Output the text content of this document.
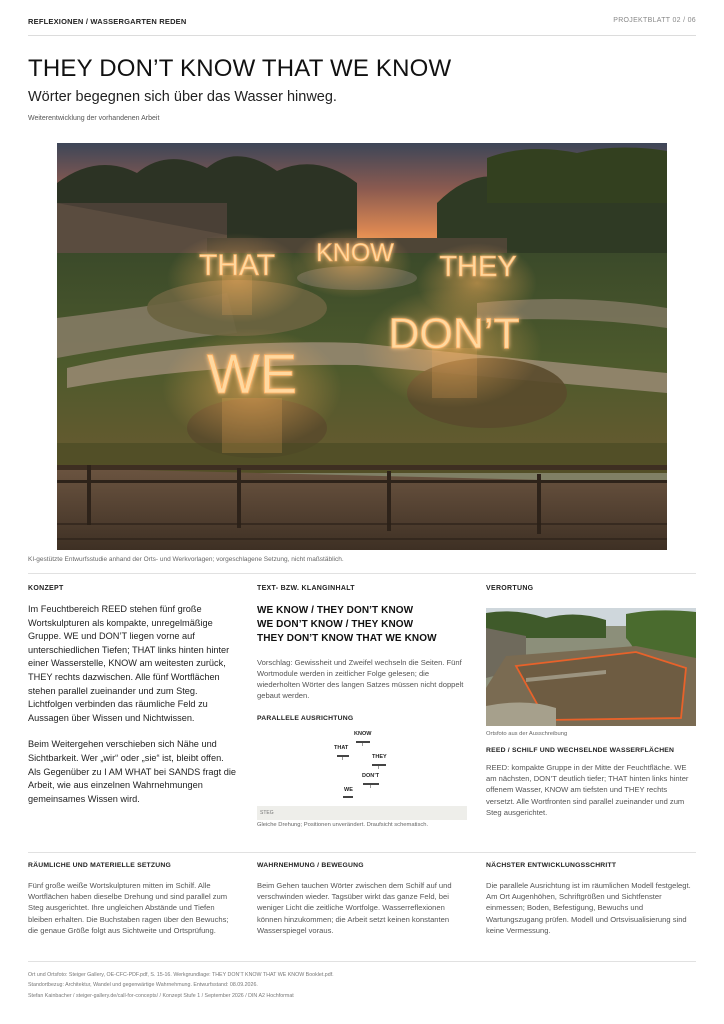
REFLEXIONEN / WASSERGARTEN REDEN	PROJEKTBLATT 02 / 06
THEY DON’T KNOW THAT WE KNOW
Wörter begegnen sich über das Wasser hinweg.
Weiterentwicklung der vorhandenen Arbeit
THAT KNOW THEY
DON’T
WE
KI-gestützte Entwurfsstudie anhand der Orts- und Werkvorlagen; vorgeschlagene Setzung, nicht maßstäblich.
KONZEPT

Im Feuchtbereich REED stehen fünf große Wortskulpturen als kompakte, unregelmäßige Gruppe. WE und DON’T liegen vorne auf unterschiedlichen Tiefen; THAT links hinten hinter einer Wasserstelle, KNOW am weitesten zurück, THEY rechts dazwischen. Alle fünf Wortflächen stehen parallel zueinander und zum Steg. Lichtfolgen verbinden das räumliche Feld zu Aussagen über Wissen und Nichtwissen.

Beim Weitergehen verschieben sich Nähe und Sichtbarkeit. Wer „wir“ oder „sie“ ist, bleibt offen. Als Gegenüber zu I AM WHAT bei SANDS fragt die Arbeit, wie aus einzelnen Wahrnehmungen gemeinsames Wissen wird.

TEXT- BZW. KLANGINHALT
WE KNOW / THEY DON’T KNOW
WE DON’T KNOW / THEY KNOW
THEY DON’T KNOW THAT WE KNOW
Vorschlag: Gewissheit und Zweifel wechseln die Seiten. Fünf Wortmodule werden in zeitlicher Folge gelesen; die wiederholten Wörter des langen Satzes müssen nicht doppelt gebaut werden.
PARALLELE AUSRICHTUNG
KNOW
THAT
THEY
DON’T
WE
STEG
Gleiche Drehung; Positionen unverändert. Draufsicht schematisch.
VERORTUNG
Ortsfoto aus der Ausschreibung
REED / SCHILF UND WECHSELNDE WASSERFLÄCHEN
REED: kompakte Gruppe in der Mitte der Feuchtfläche. WE am nächsten, DON’T deutlich tiefer; THAT hinten links hinter offenem Wasser, KNOW am tiefsten und THEY rechts versetzt. Alle Wortfronten sind parallel zueinander und zum Steg ausgerichtet.
RÄUMLICHE UND MATERIELLE SETZUNG
Fünf große weiße Wortskulpturen mitten im Schilf. Alle Wortflächen haben dieselbe Drehung und sind parallel zum Steg ausgerichtet. Ihre ungleichen Abstände und Tiefen bleiben erhalten. Die Buchstaben ragen über den Bewuchs; die genaue Größe folgt aus Sichtweite und Ortsprüfung.
WAHRNEHMUNG / BEWEGUNG
Beim Gehen tauchen Wörter zwischen dem Schilf auf und verschwinden wieder. Tagsüber wirkt das ganze Feld, bei weniger Licht die zeitliche Wortfolge. Wasserreflexionen können hinzukommen; die Arbeit setzt keinen konstanten Wasserspiegel voraus.
NÄCHSTER ENTWICKLUNGSSCHRITT
Die parallele Ausrichtung ist im räumlichen Modell festgelegt. Am Ort Augenhöhen, Schriftgrößen und Sichtfenster einmessen; Boden, Befestigung, Bewuchs und Wartungszugang prüfen. Modell und Ortsvisualisierung sind keine Vermessung.
Ort und Ortsfoto: Steiger Gallery, OE-CFC-PDF.pdf, S. 15-16. Werkgrundlage: THEY DON’T KNOW THAT WE KNOW Booklet.pdf.
Standortbezug: Architektur, Wandel und gegenwärtige Wahrnehmung. Entwurfsstand: 08.09.2026.
Stefan Kainbacher / steiger-gallery.de/call-for-concepts/ / Konzept Stufe 1 / September 2026 / DIN A2 Hochformat
